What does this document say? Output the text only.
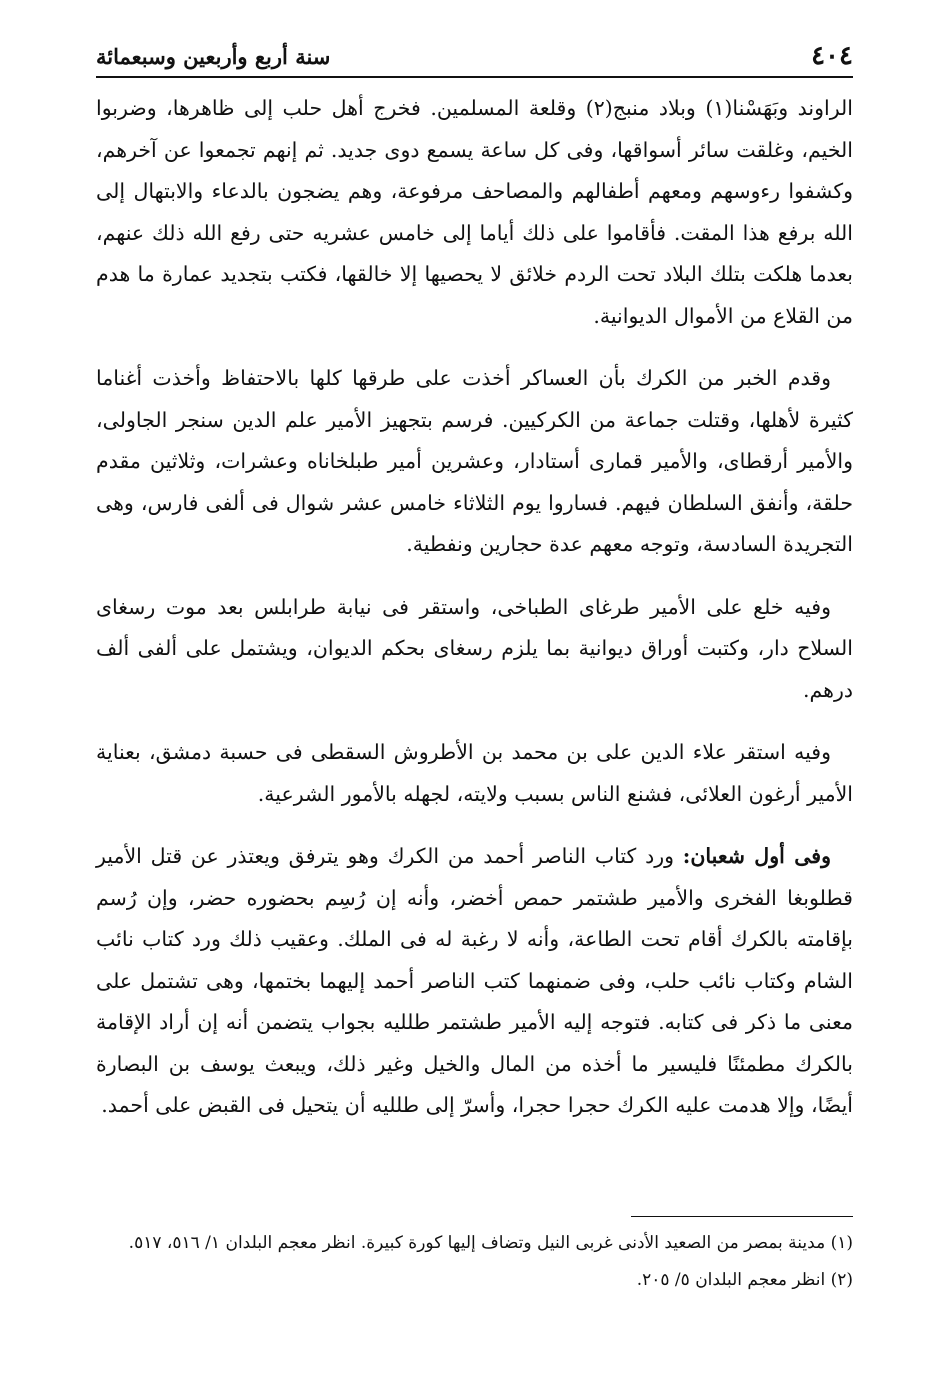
٤٠٤
سنة أربع وأربعين وسبعمائة

الراوند وبَهَسْنا(١) وبلاد منبج(٢) وقلعة المسلمين. فخرج أهل حلب إلى ظاهرها، وضربوا الخيم، وغلقت سائر أسواقها، وفى كل ساعة يسمع دوى جديد. ثم إنهم تجمعوا عن آخرهم، وكشفوا رءوسهم ومعهم أطفالهم والمصاحف مرفوعة، وهم يضجون بالدعاء والابتهال إلى الله برفع هذا المقت. فأقاموا على ذلك أياما إلى خامس عشريه حتى رفع الله ذلك عنهم، بعدما هلكت بتلك البلاد تحت الردم خلائق لا يحصيها إلا خالقها، فكتب بتجديد عمارة ما هدم من القلاع من الأموال الديوانية.

وقدم الخبر من الكرك بأن العساكر أخذت على طرقها كلها بالاحتفاظ وأخذت أغناما كثيرة لأهلها، وقتلت جماعة من الكركيين. فرسم بتجهيز الأمير علم الدين سنجر الجاولى، والأمير أرقطاى، والأمير قمارى أستادار، وعشرين أمير طبلخاناه وعشرات، وثلاثين مقدم حلقة، وأنفق السلطان فيهم. فساروا يوم الثلاثاء خامس عشر شوال فى ألفى فارس، وهى التجريدة السادسة، وتوجه معهم عدة حجارين ونفطية.

وفيه خلع على الأمير طرغاى الطباخى، واستقر فى نيابة طرابلس بعد موت رسغاى السلاح دار، وكتبت أوراق ديوانية بما يلزم رسغاى بحكم الديوان، ويشتمل على ألفى ألف درهم.

وفيه استقر علاء الدين على بن محمد بن الأطروش السقطى فى حسبة دمشق، بعناية الأمير أرغون العلائى، فشنع الناس بسبب ولايته، لجهله بالأمور الشرعية.

وفى أول شعبان: ورد كتاب الناصر أحمد من الكرك وهو يترفق ويعتذر عن قتل الأمير قطلوبغا الفخرى والأمير طشتمر حمص أخضر، وأنه إن رُسِم بحضوره حضر، وإن رُسم بإقامته بالكرك أقام تحت الطاعة، وأنه لا رغبة له فى الملك. وعقيب ذلك ورد كتاب نائب الشام وكتاب نائب حلب، وفى ضمنهما كتب الناصر أحمد إليهما بختمها، وهى تشتمل على معنى ما ذكر فى كتابه. فتوجه إليه الأمير طشتمر طلليه بجواب يتضمن أنه إن أراد الإقامة بالكرك مطمئنًا فليسير ما أخذه من المال والخيل وغير ذلك، ويبعث يوسف بن البصارة أيضًا، وإلا هدمت عليه الكرك حجرا حجرا، وأسرّ إلى طلليه أن يتحيل فى القبض على أحمد.

(١) مدينة بمصر من الصعيد الأدنى غربى النيل وتضاف إليها كورة كبيرة. انظر معجم البلدان ١/ ٥١٦، ٥١٧.

(٢) انظر معجم البلدان ٥/ ٢٠٥.
